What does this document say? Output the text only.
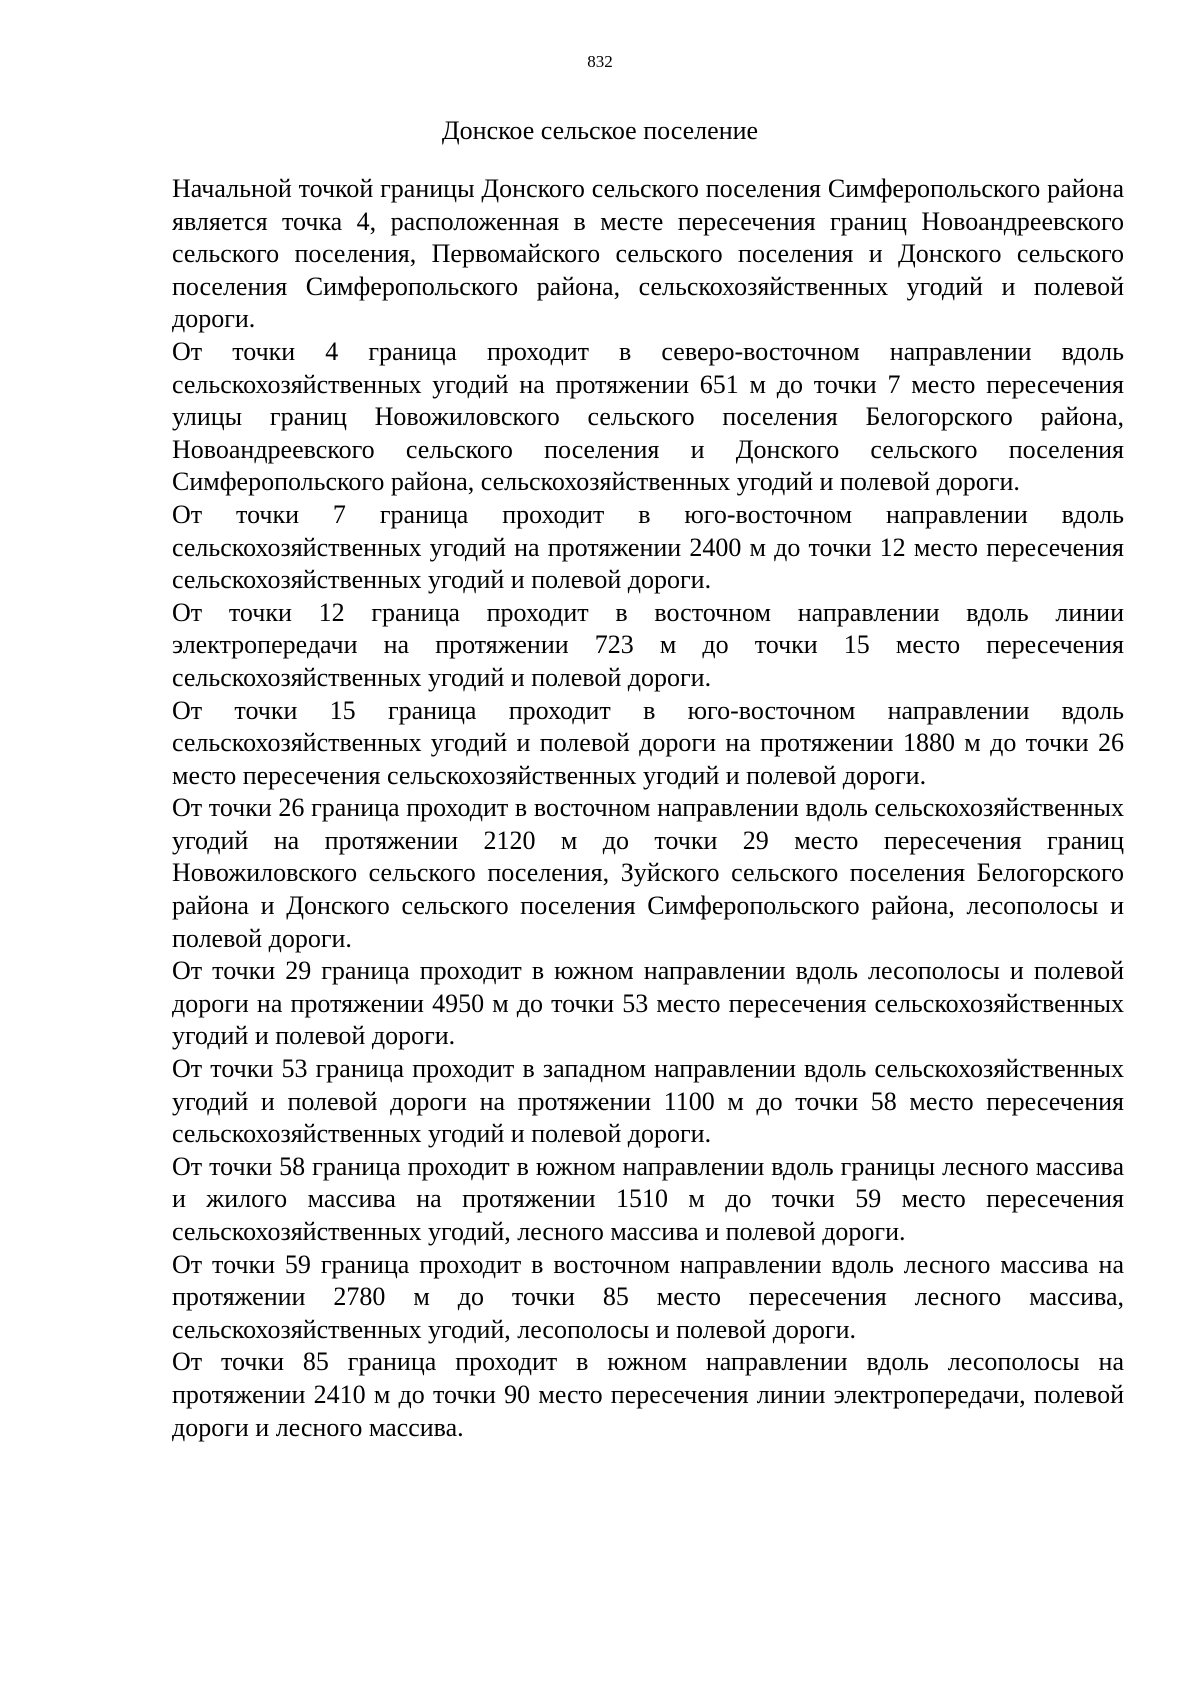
832
Донское сельское поселение

Начальной точкой границы Донского сельского поселения Симферопольского района является точка 4, расположенная в месте пересечения границ Новоандреевского сельского поселения, Первомайского сельского поселения и Донского сельского поселения Симферопольского района, сельскохозяйственных угодий и полевой дороги.

От точки 4 граница проходит в северо-восточном направлении вдоль сельскохозяйственных угодий на протяжении 651 м до точки 7 место пересечения улицы границ Новожиловского сельского поселения Белогорского района, Новоандреевского сельского поселения и Донского сельского поселения Симферопольского района, сельскохозяйственных угодий и полевой дороги.

От точки 7 граница проходит в юго-восточном направлении вдоль сельскохозяйственных угодий на протяжении 2400 м до точки 12 место пересечения сельскохозяйственных угодий и полевой дороги.

От точки 12 граница проходит в восточном направлении вдоль линии электропередачи на протяжении 723 м до точки 15 место пересечения сельскохозяйственных угодий и полевой дороги.

От точки 15 граница проходит в юго-восточном направлении вдоль сельскохозяйственных угодий и полевой дороги на протяжении 1880 м до точки 26 место пересечения сельскохозяйственных угодий и полевой дороги.

От точки 26 граница проходит в восточном направлении вдоль сельскохозяйственных угодий на протяжении 2120 м до точки 29 место пересечения границ Новожиловского сельского поселения, Зуйского сельского поселения Белогорского района и Донского сельского поселения Симферопольского района, лесополосы и полевой дороги.

От точки 29 граница проходит в южном направлении вдоль лесополосы и полевой дороги на протяжении 4950 м до точки 53 место пересечения сельскохозяйственных угодий и полевой дороги.

От точки 53 граница проходит в западном направлении вдоль сельскохозяйственных угодий и полевой дороги на протяжении 1100 м до точки 58 место пересечения сельскохозяйственных угодий и полевой дороги.

От точки 58 граница проходит в южном направлении вдоль границы лесного массива и жилого массива на протяжении 1510 м до точки 59 место пересечения сельскохозяйственных угодий, лесного массива и полевой дороги.

От точки 59 граница проходит в восточном направлении вдоль лесного массива на протяжении 2780 м до точки 85 место пересечения лесного массива, сельскохозяйственных угодий, лесополосы и полевой дороги.

От точки 85 граница проходит в южном направлении вдоль лесополосы на протяжении 2410 м до точки 90 место пересечения линии электропередачи, полевой дороги и лесного массива.
